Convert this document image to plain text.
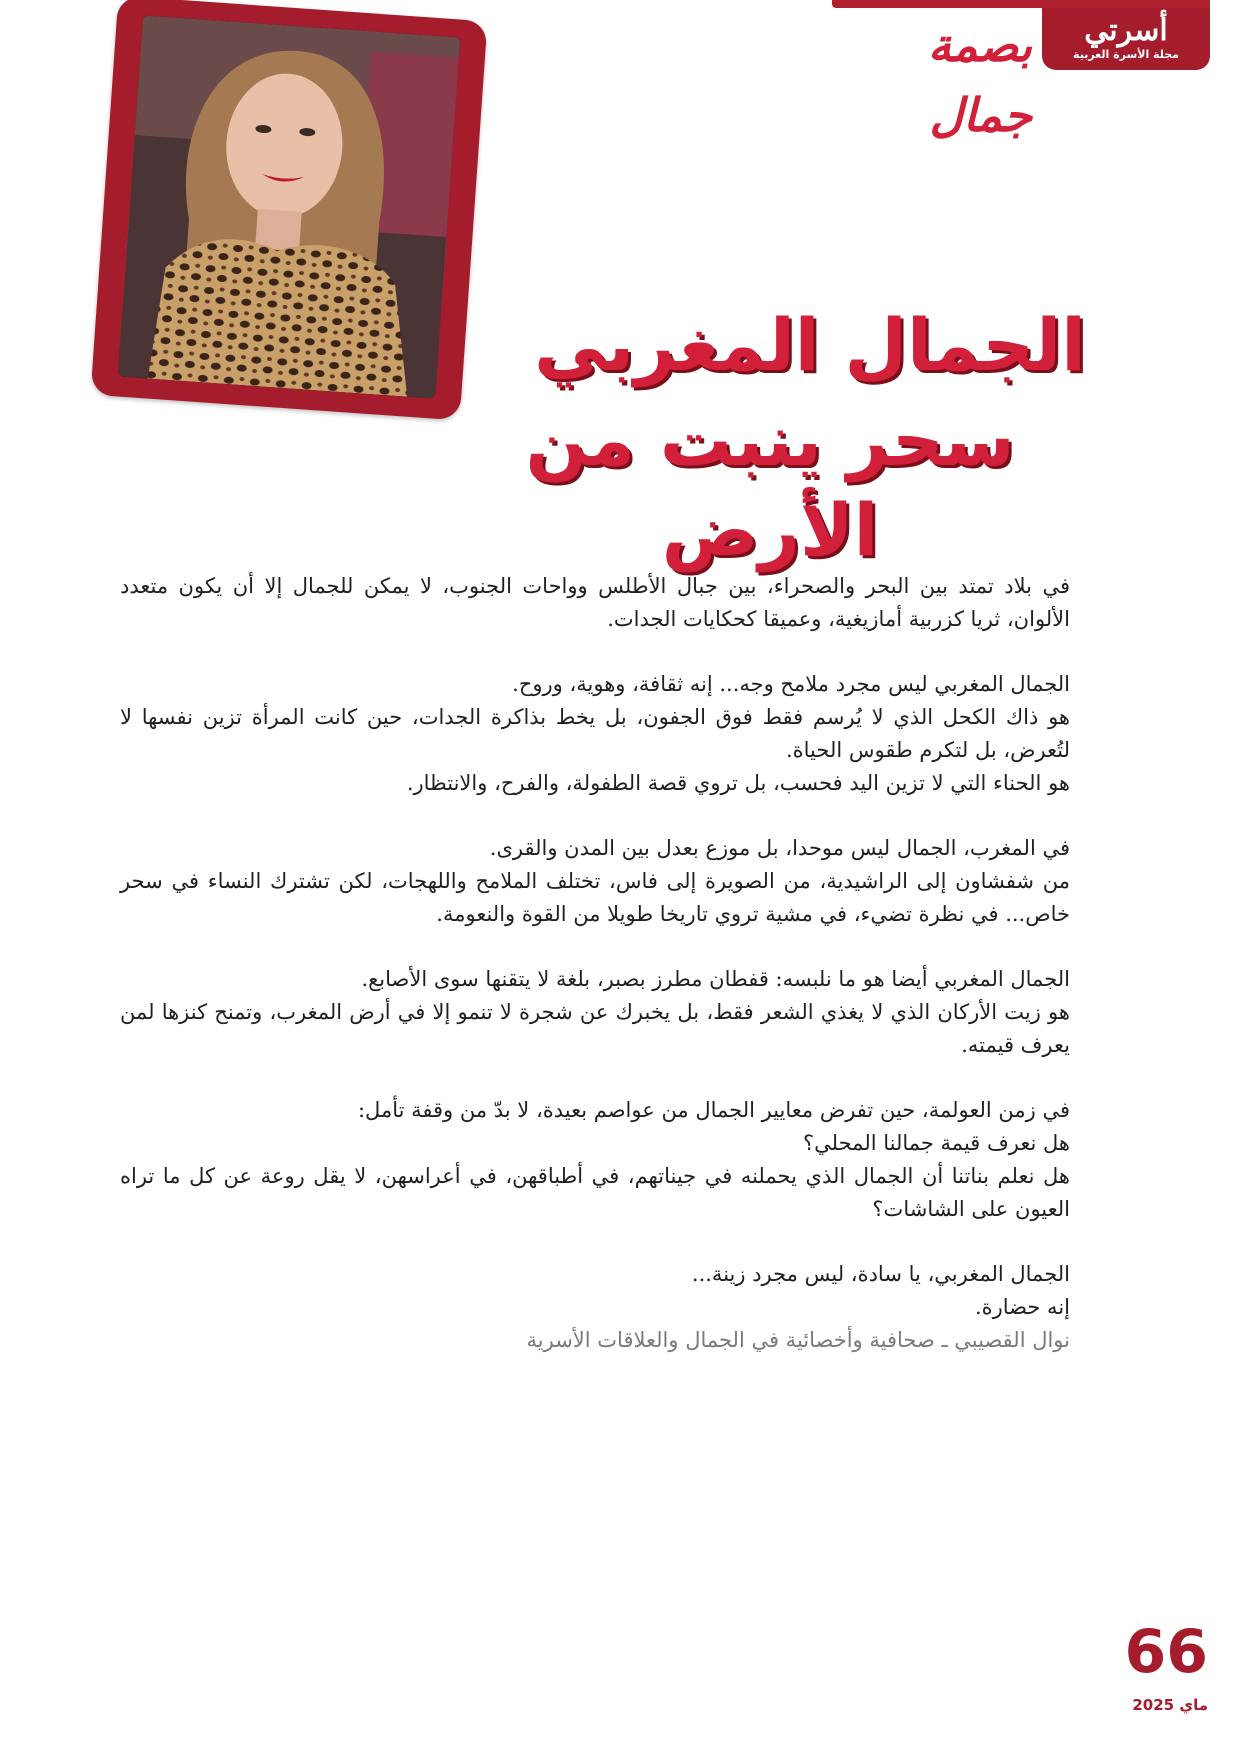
أسرتي
مجلة الأسرة العربية
بصمة جمال
الجمال المغربي
سحر ينبت من الأرض

في بلاد تمتد بين البحر والصحراء، بين جبال الأطلس وواحات الجنوب، لا يمكن للجمال إلا أن يكون متعدد الألوان، ثريا كزربية أمازيغية، وعميقا كحكايات الجدات.

الجمال المغربي ليس مجرد ملامح وجه... إنه ثقافة، وهوية، وروح.
هو ذاك الكحل الذي لا يُرسم فقط فوق الجفون، بل يخط بذاكرة الجدات، حين كانت المرأة تزين نفسها لا لتُعرض، بل لتكرم طقوس الحياة.
هو الحناء التي لا تزين اليد فحسب، بل تروي قصة الطفولة، والفرح، والانتظار.

في المغرب، الجمال ليس موحدا، بل موزع بعدل بين المدن والقرى.
من شفشاون إلى الراشيدية، من الصويرة إلى فاس، تختلف الملامح واللهجات، لكن تشترك النساء في سحر خاص... في نظرة تضيء، في مشية تروي تاريخا طويلا من القوة والنعومة.

الجمال المغربي أيضا هو ما نلبسه: قفطان مطرز بصبر، بلغة لا يتقنها سوى الأصابع.
هو زيت الأركان الذي لا يغذي الشعر فقط، بل يخبرك عن شجرة لا تنمو إلا في أرض المغرب، وتمنح كنزها لمن يعرف قيمته.

في زمن العولمة، حين تفرض معايير الجمال من عواصم بعيدة، لا بدّ من وقفة تأمل:
هل نعرف قيمة جمالنا المحلي؟
هل نعلم بناتنا أن الجمال الذي يحملنه في جيناتهم، في أطباقهن، في أعراسهن، لا يقل روعة عن كل ما تراه العيون على الشاشات؟

الجمال المغربي، يا سادة، ليس مجرد زينة...
إنه حضارة.
نوال القصيبي ـ صحافية وأخصائية في الجمال والعلاقات الأسرية

66
ماي 2025
